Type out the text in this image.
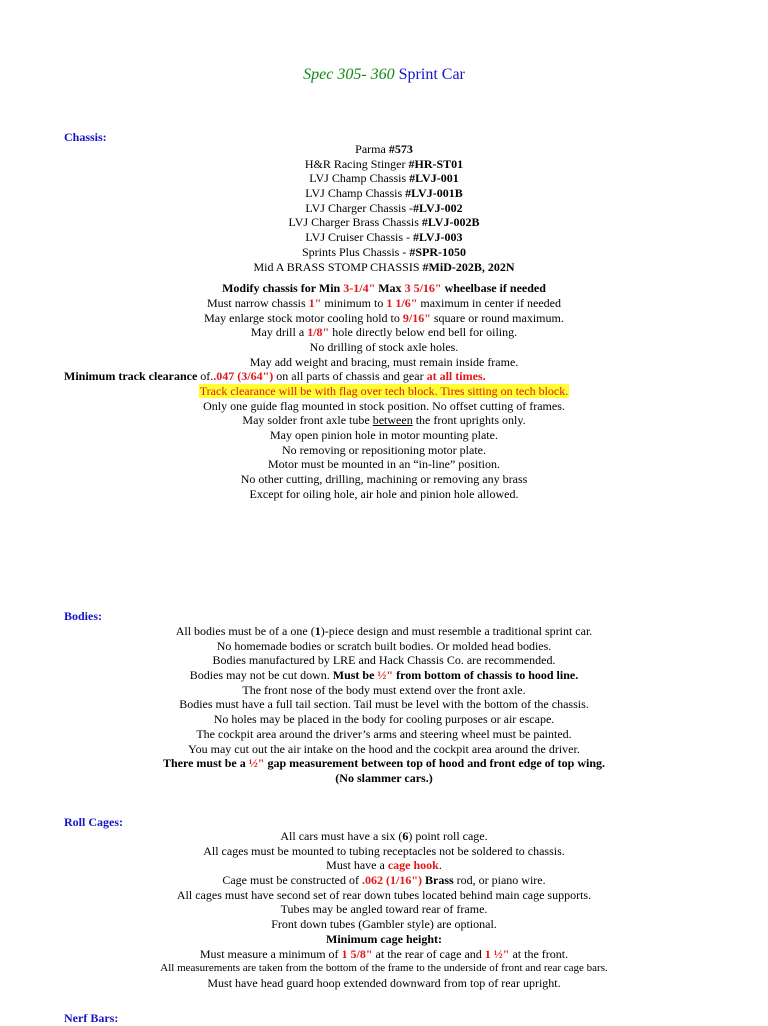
Spec 305- 360 Sprint Car
Chassis:
Parma #573
H&R Racing Stinger #HR-ST01
LVJ Champ Chassis #LVJ-001
LVJ Champ Chassis #LVJ-001B
LVJ Charger Chassis -#LVJ-002
LVJ Charger Brass Chassis #LVJ-002B
LVJ Cruiser Chassis - #LVJ-003
Sprints Plus Chassis - #SPR-1050
Mid A BRASS STOMP CHASSIS #MiD-202B, 202N
Modify chassis for Min 3-1/4" Max 3 5/16" wheelbase if needed
Must narrow chassis 1" minimum to 1 1/6" maximum in center if needed
May enlarge stock motor cooling hold to 9/16" square or round maximum.
May drill a 1/8" hole directly below end bell for oiling.
No drilling of stock axle holes.
May add weight and bracing, must remain inside frame.
Minimum track clearance of..047 (3/64") on all parts of chassis and gear at all times.
Track clearance will be with flag over tech block. Tires sitting on tech block.
Only one guide flag mounted in stock position. No offset cutting of frames.
May solder front axle tube between the front uprights only.
May open pinion hole in motor mounting plate.
No removing or repositioning motor plate.
Motor must be mounted in an “in-line” position.
No other cutting, drilling, machining or removing any brass
Except for oiling hole, air hole and pinion hole allowed.
Bodies:
All bodies must be of a one (1)-piece design and must resemble a traditional sprint car.
No homemade bodies or scratch built bodies. Or molded head bodies.
Bodies manufactured by LRE and Hack Chassis Co. are recommended.
Bodies may not be cut down. Must be ½" from bottom of chassis to hood line.
The front nose of the body must extend over the front axle.
Bodies must have a full tail section. Tail must be level with the bottom of the chassis.
No holes may be placed in the body for cooling purposes or air escape.
The cockpit area around the driver’s arms and steering wheel must be painted.
You may cut out the air intake on the hood and the cockpit area around the driver.
There must be a ½" gap measurement between top of hood and front edge of top wing.
(No slammer cars.)
Roll Cages:
All cars must have a six (6) point roll cage.
All cages must be mounted to tubing receptacles not be soldered to chassis.
Must have a cage hook.
Cage must be constructed of .062 (1/16") Brass rod, or piano wire.
All cages must have second set of rear down tubes located behind main cage supports.
Tubes may be angled toward rear of frame.
Front down tubes (Gambler style) are optional.
Minimum cage height:
Must measure a minimum of 1 5/8" at the rear of cage and 1 ½" at the front.
All measurements are taken from the bottom of the frame to the underside of front and rear cage bars.
Must have head guard hoop extended downward from top of rear upright.
Nerf Bars:
